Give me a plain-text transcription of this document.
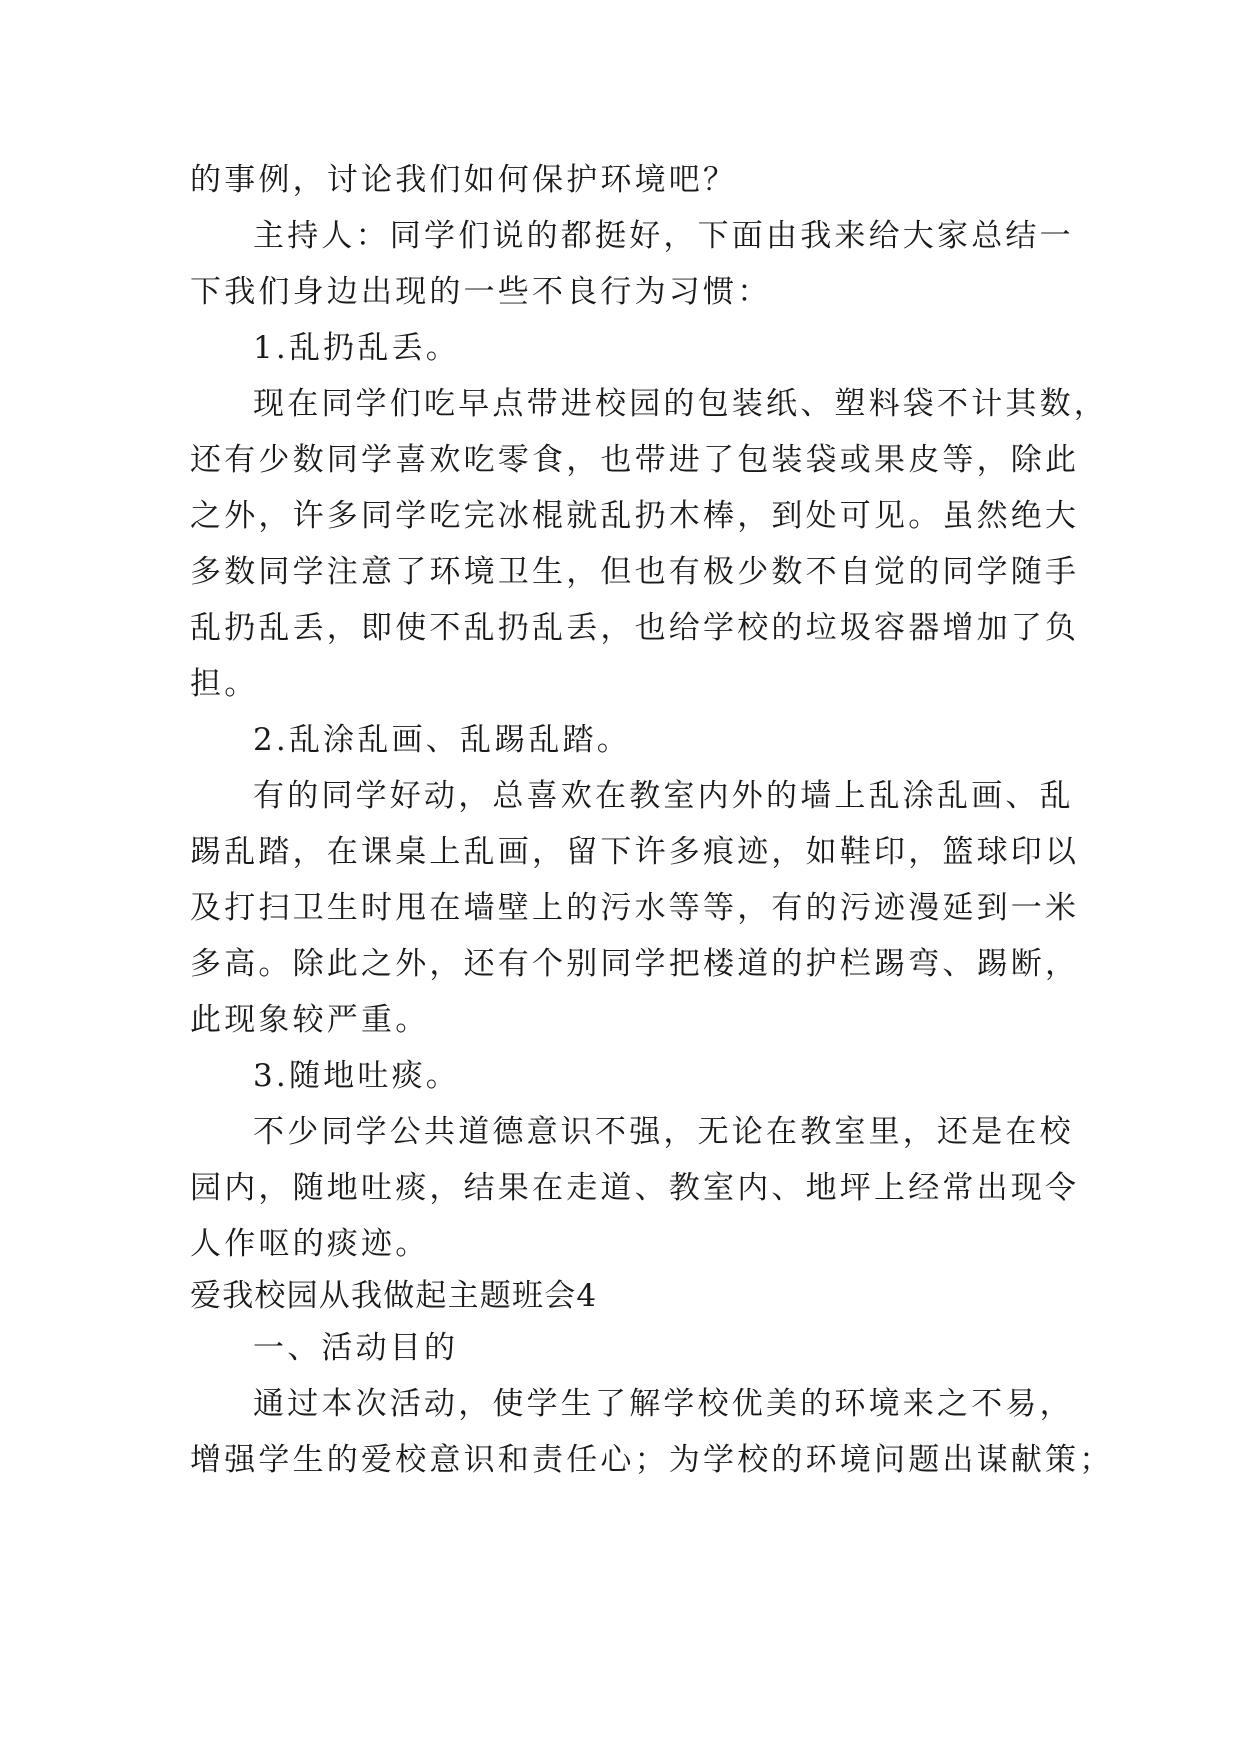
的事例，讨论我们如何保护环境吧？
主持人：同学们说的都挺好，下面由我来给大家总结一
下我们身边出现的一些不良行为习惯：
1.乱扔乱丢。
现在同学们吃早点带进校园的包装纸、塑料袋不计其数，
还有少数同学喜欢吃零食，也带进了包装袋或果皮等，除此
之外，许多同学吃完冰棍就乱扔木棒，到处可见。虽然绝大
多数同学注意了环境卫生，但也有极少数不自觉的同学随手
乱扔乱丢，即使不乱扔乱丢，也给学校的垃圾容器增加了负
担。
2.乱涂乱画、乱踢乱踏。
有的同学好动，总喜欢在教室内外的墙上乱涂乱画、乱
踢乱踏，在课桌上乱画，留下许多痕迹，如鞋印，篮球印以
及打扫卫生时甩在墙壁上的污水等等，有的污迹漫延到一米
多高。除此之外，还有个别同学把楼道的护栏踢弯、踢断，
此现象较严重。
3.随地吐痰。
不少同学公共道德意识不强，无论在教室里，还是在校
园内，随地吐痰，结果在走道、教室内、地坪上经常出现令
人作呕的痰迹。
爱我校园从我做起主题班会4
一、活动目的
通过本次活动，使学生了解学校优美的环境来之不易，
增强学生的爱校意识和责任心；为学校的环境问题出谋献策；
